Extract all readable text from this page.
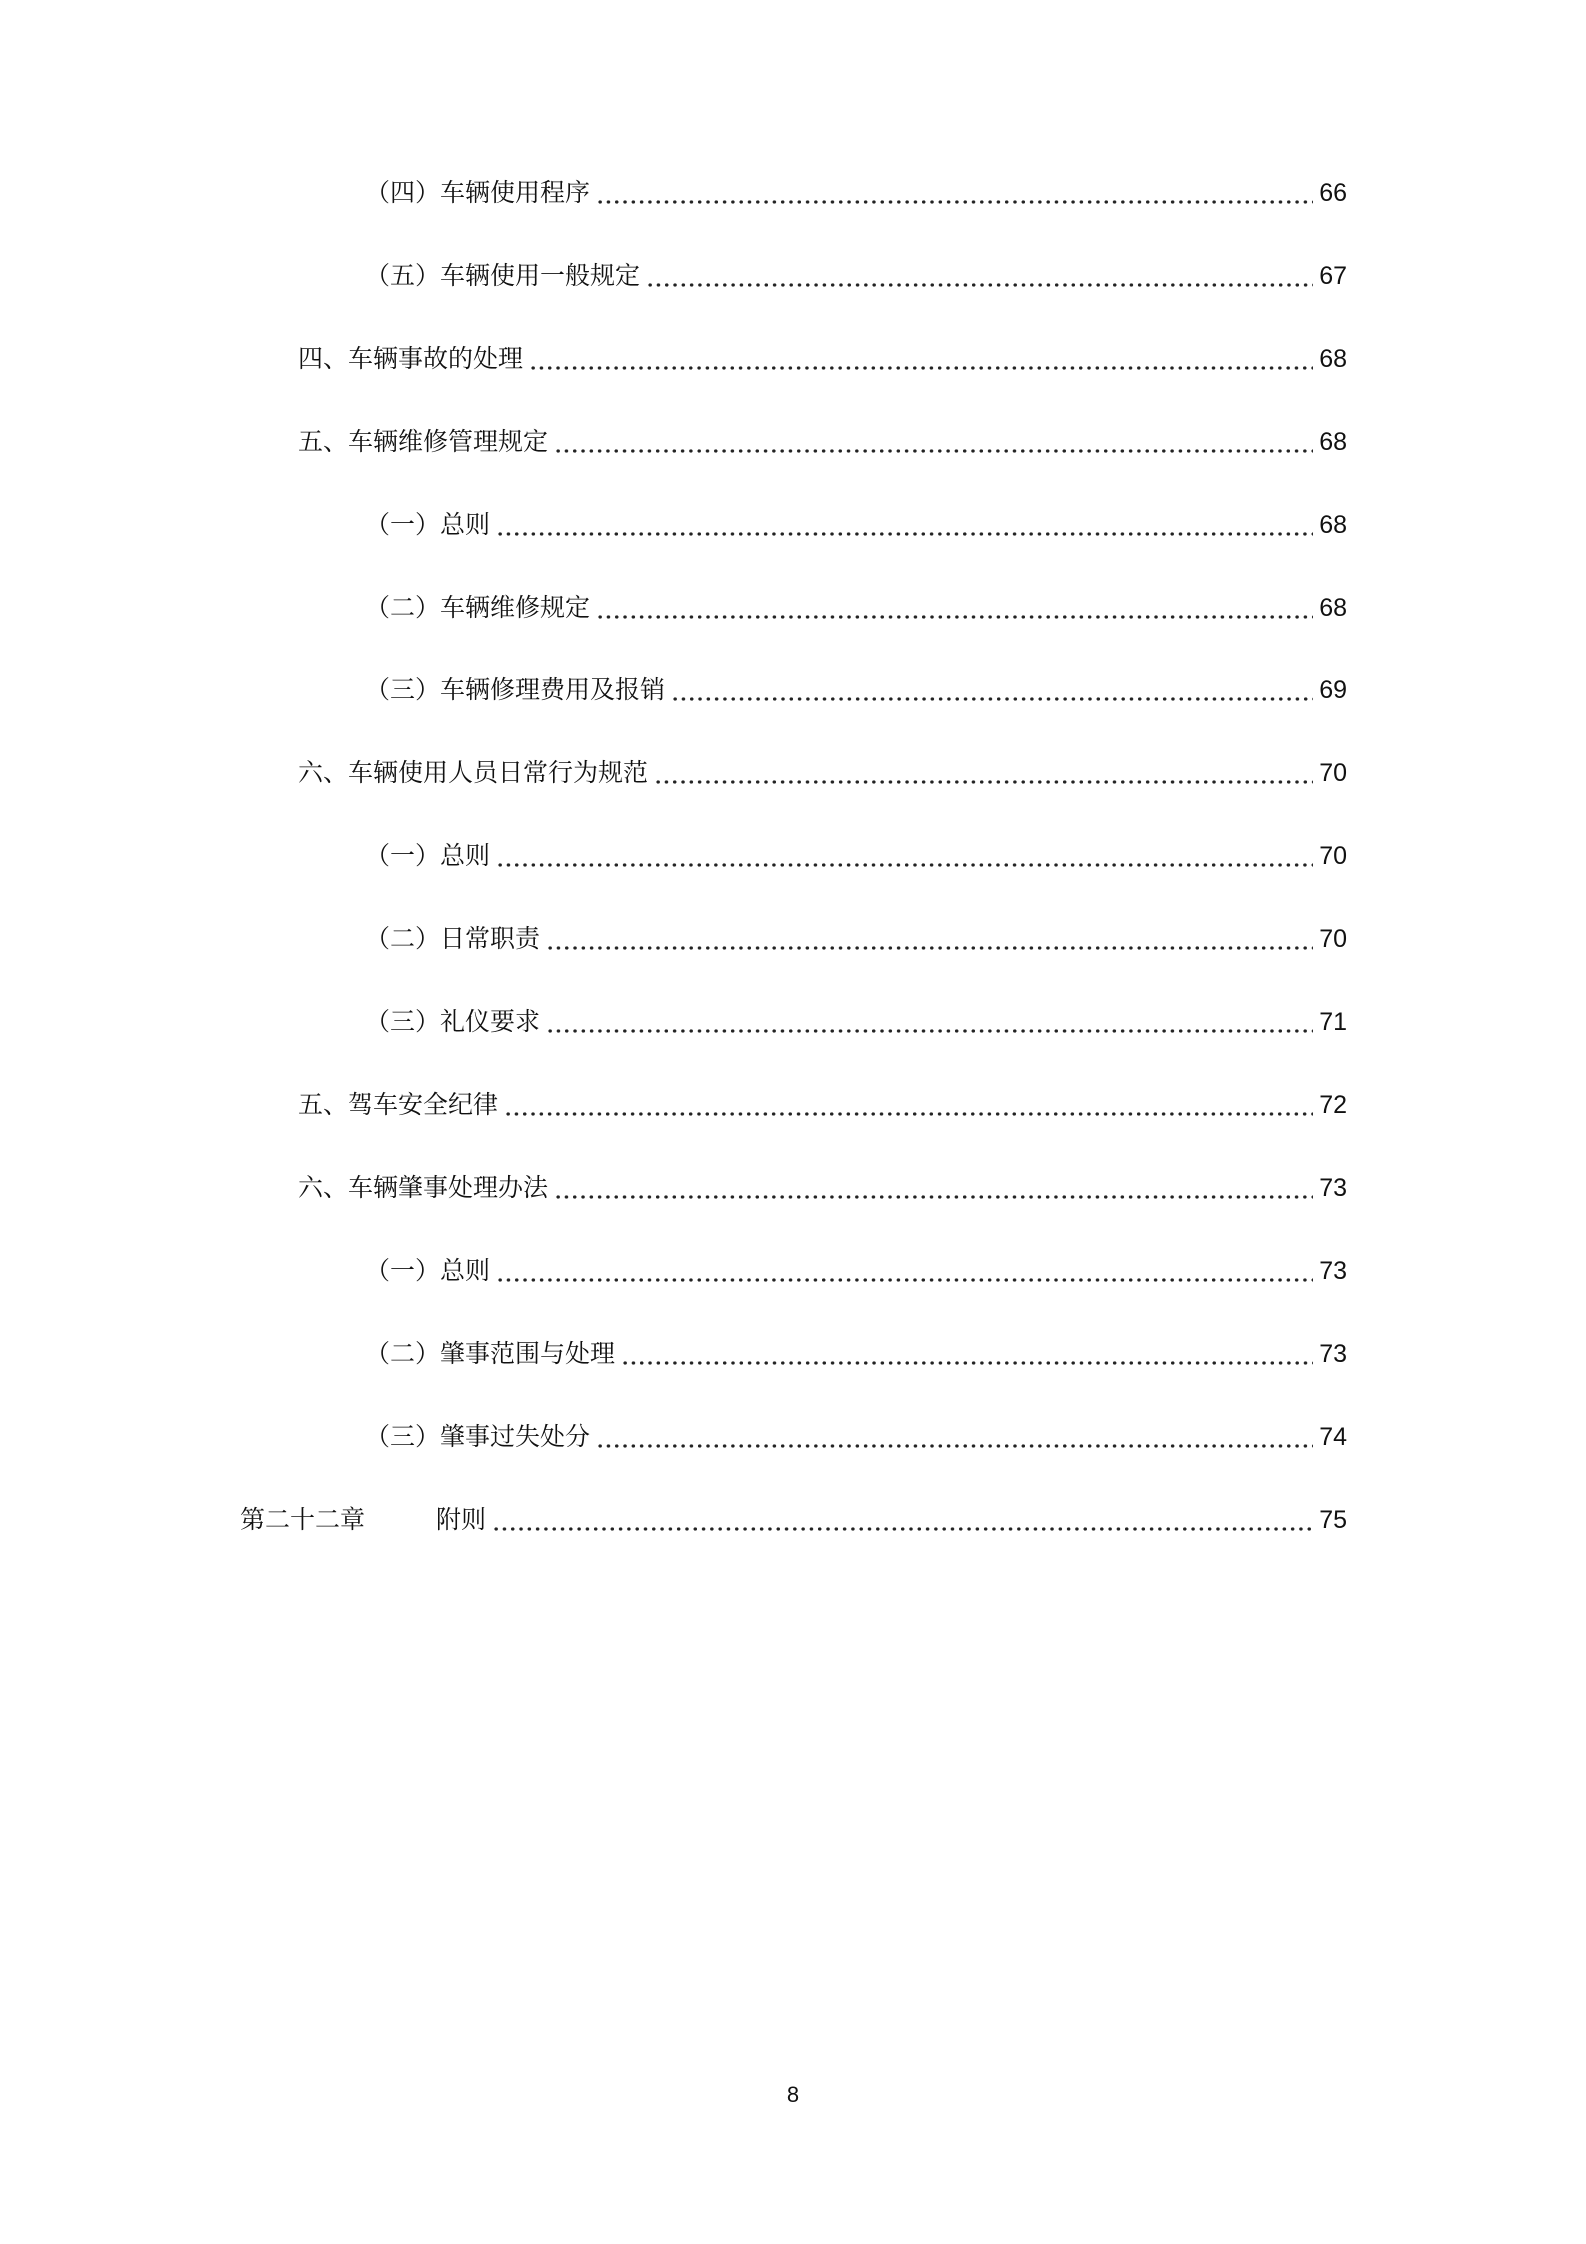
（四）车辆使用程序	66
（五）车辆使用一般规定	67
四、车辆事故的处理	68
五、车辆维修管理规定	68
（一）总则	68
（二）车辆维修规定	68
（三）车辆修理费用及报销	69
六、车辆使用人员日常行为规范	70
（一）总则	70
（二）日常职责	70
（三）礼仪要求	71
五、驾车安全纪律	72
六、车辆肇事处理办法	73
（一）总则	73
（二）肇事范围与处理	73
（三）肇事过失处分	74
第二十二章	附则	75
8
